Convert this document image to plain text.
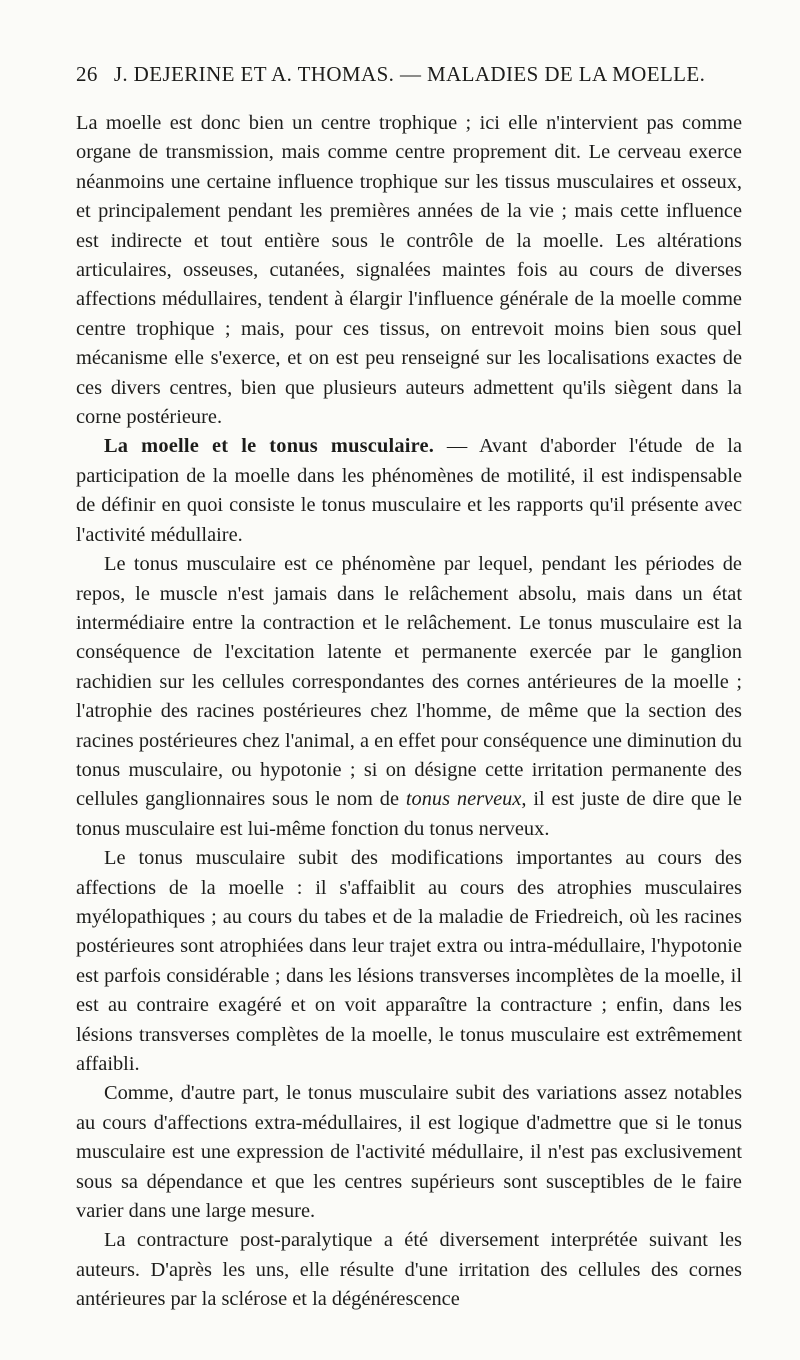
26 J. DEJERINE ET A. THOMAS. — MALADIES DE LA MOELLE.

La moelle est donc bien un centre trophique ; ici elle n'intervient pas comme organe de transmission, mais comme centre proprement dit. Le cerveau exerce néanmoins une certaine influence trophique sur les tissus musculaires et osseux, et principalement pendant les premières années de la vie ; mais cette influence est indirecte et tout entière sous le contrôle de la moelle. Les altérations articulaires, osseuses, cutanées, signalées maintes fois au cours de diverses affections médullaires, tendent à élargir l'influence générale de la moelle comme centre trophique ; mais, pour ces tissus, on entrevoit moins bien sous quel mécanisme elle s'exerce, et on est peu renseigné sur les localisations exactes de ces divers centres, bien que plusieurs auteurs admettent qu'ils siègent dans la corne postérieure.

La moelle et le tonus musculaire. — Avant d'aborder l'étude de la participation de la moelle dans les phénomènes de motilité, il est indispensable de définir en quoi consiste le tonus musculaire et les rapports qu'il présente avec l'activité médullaire.

Le tonus musculaire est ce phénomène par lequel, pendant les périodes de repos, le muscle n'est jamais dans le relâchement absolu, mais dans un état intermédiaire entre la contraction et le relâchement. Le tonus musculaire est la conséquence de l'excitation latente et permanente exercée par le ganglion rachidien sur les cellules correspondantes des cornes antérieures de la moelle ; l'atrophie des racines postérieures chez l'homme, de même que la section des racines postérieures chez l'animal, a en effet pour conséquence une diminution du tonus musculaire, ou hypotonie ; si on désigne cette irritation permanente des cellules ganglionnaires sous le nom de tonus nerveux, il est juste de dire que le tonus musculaire est lui-même fonction du tonus nerveux.

Le tonus musculaire subit des modifications importantes au cours des affections de la moelle : il s'affaiblit au cours des atrophies musculaires myélopathiques ; au cours du tabes et de la maladie de Friedreich, où les racines postérieures sont atrophiées dans leur trajet extra ou intra-médullaire, l'hypotonie est parfois considérable ; dans les lésions transverses incomplètes de la moelle, il est au contraire exagéré et on voit apparaître la contracture ; enfin, dans les lésions transverses complètes de la moelle, le tonus musculaire est extrêmement affaibli.

Comme, d'autre part, le tonus musculaire subit des variations assez notables au cours d'affections extra-médullaires, il est logique d'admettre que si le tonus musculaire est une expression de l'activité médullaire, il n'est pas exclusivement sous sa dépendance et que les centres supérieurs sont susceptibles de le faire varier dans une large mesure.

La contracture post-paralytique a été diversement interprétée suivant les auteurs. D'après les uns, elle résulte d'une irritation des cellules des cornes antérieures par la sclérose et la dégénérescence
